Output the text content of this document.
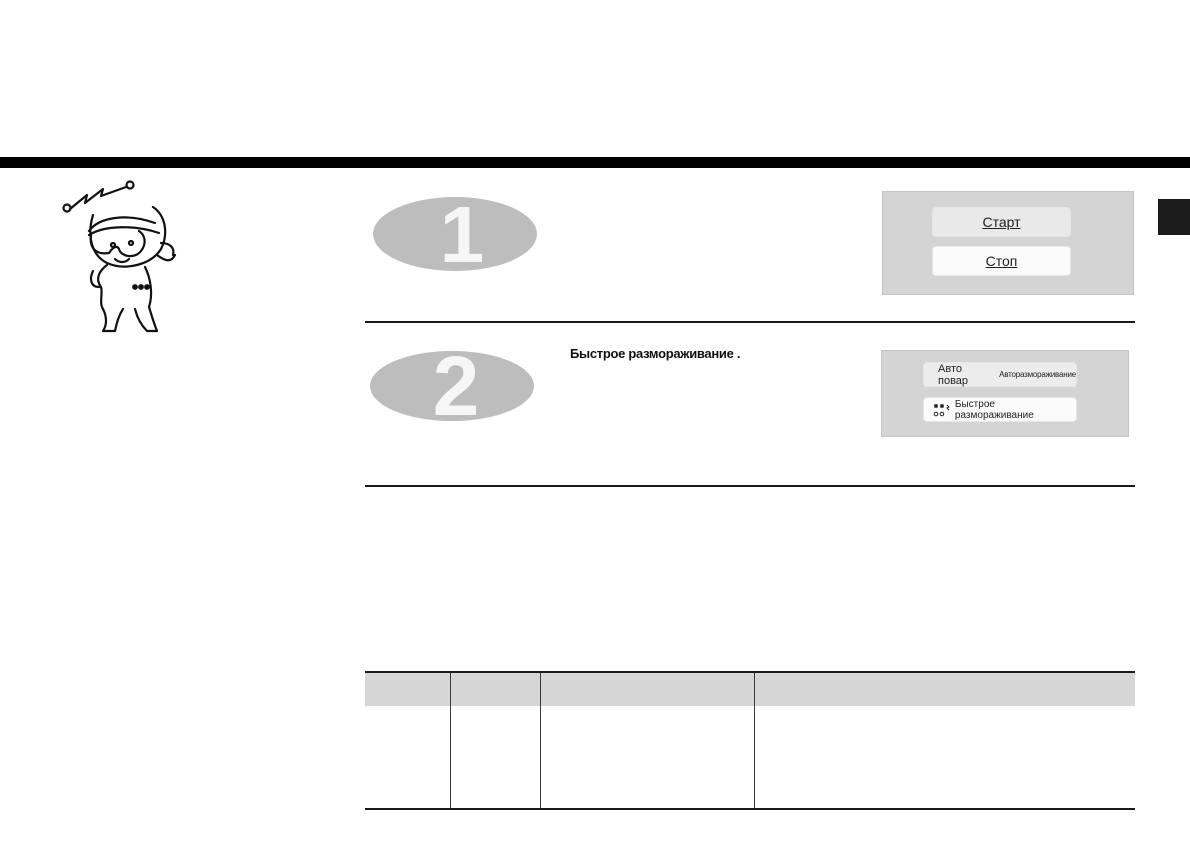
1	Старт
Стоп
2	Быстрое размораживание .
Авто повар	Авторазмораживание
Быстрое размораживание
